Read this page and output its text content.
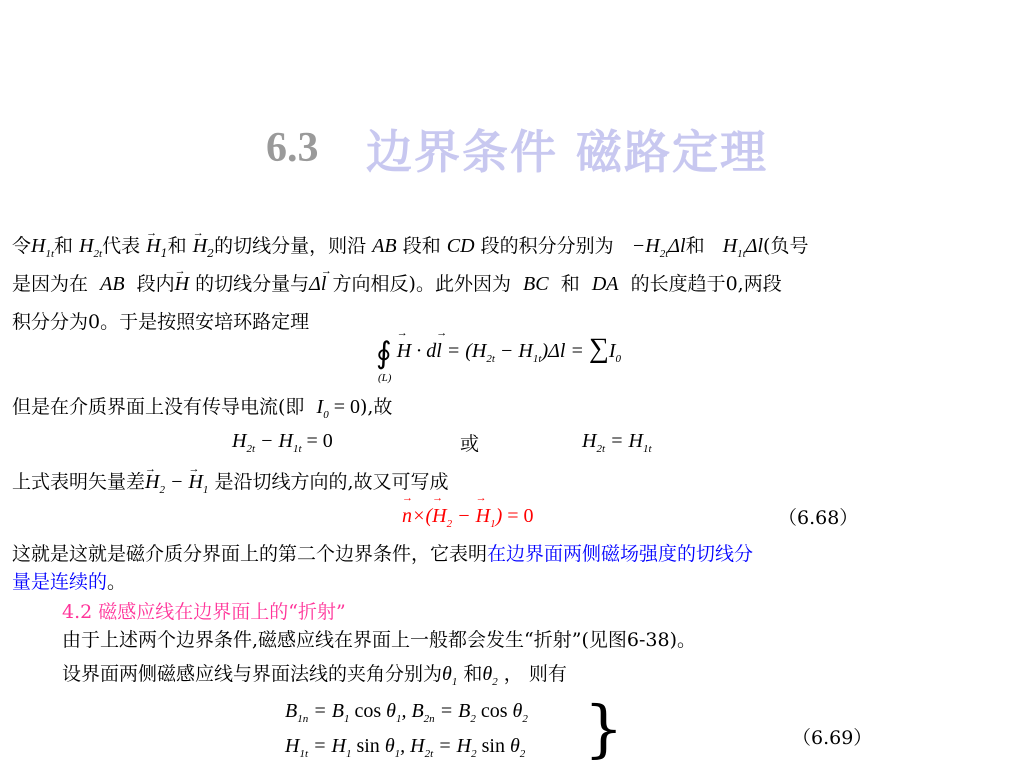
6.3 边界条件 磁路定理
令$H_{1t}$和 $H_{2t}$代表 → $H_1$和 → $H_2$的切线分量，则沿 AB 段和 CD 段的积分分别为 $-H_{2t}\Delta l$和 $H_{1t}\Delta l$(负号
是因为在 AB 段内→ H 的切线分量与Δ→ l 方向相反)。此外因为 BC 和 DA 的长度趋于0,两段
积分分为0。于是按照安培环路定理
∮ → $H \cdot d\to l = (H_{2t} - H_{1t})\Delta l = \sum I_0$
(L)
但是在介质界面上没有传导电流(即 $I_0 = 0$),故
$H_{2t} - H_{1t} = 0$	或	$H_{2t} = H_{1t}$
上式表明矢量差→ $H_2$ − → $H_1$ 是沿切线方向的,故又可写成
→ $n\times(\to H_2$ − → $H_1) = 0$	（6.68）
这就是这就是磁介质分界面上的第二个边界条件，它表明在边界面两侧磁场强度的切线分
量是连续的。
4.2 磁感应线在边界面上的“折射”
由于上述两个边界条件,磁感应线在界面上一般都会发生“折射”(见图6-38)。
设界面两侧磁感应线与界面法线的夹角分别为$\theta_1$ 和$\theta_2$ ， 则有
$B_{1n} = B_1$ $\cos \theta_1$, $B_{2n} = B_2$ $\cos \theta_2$
$H_{1t} = H_1$ $\sin \theta_1$, $H_{2t} = H_2$ $\sin \theta_2$ }	（6.69）
